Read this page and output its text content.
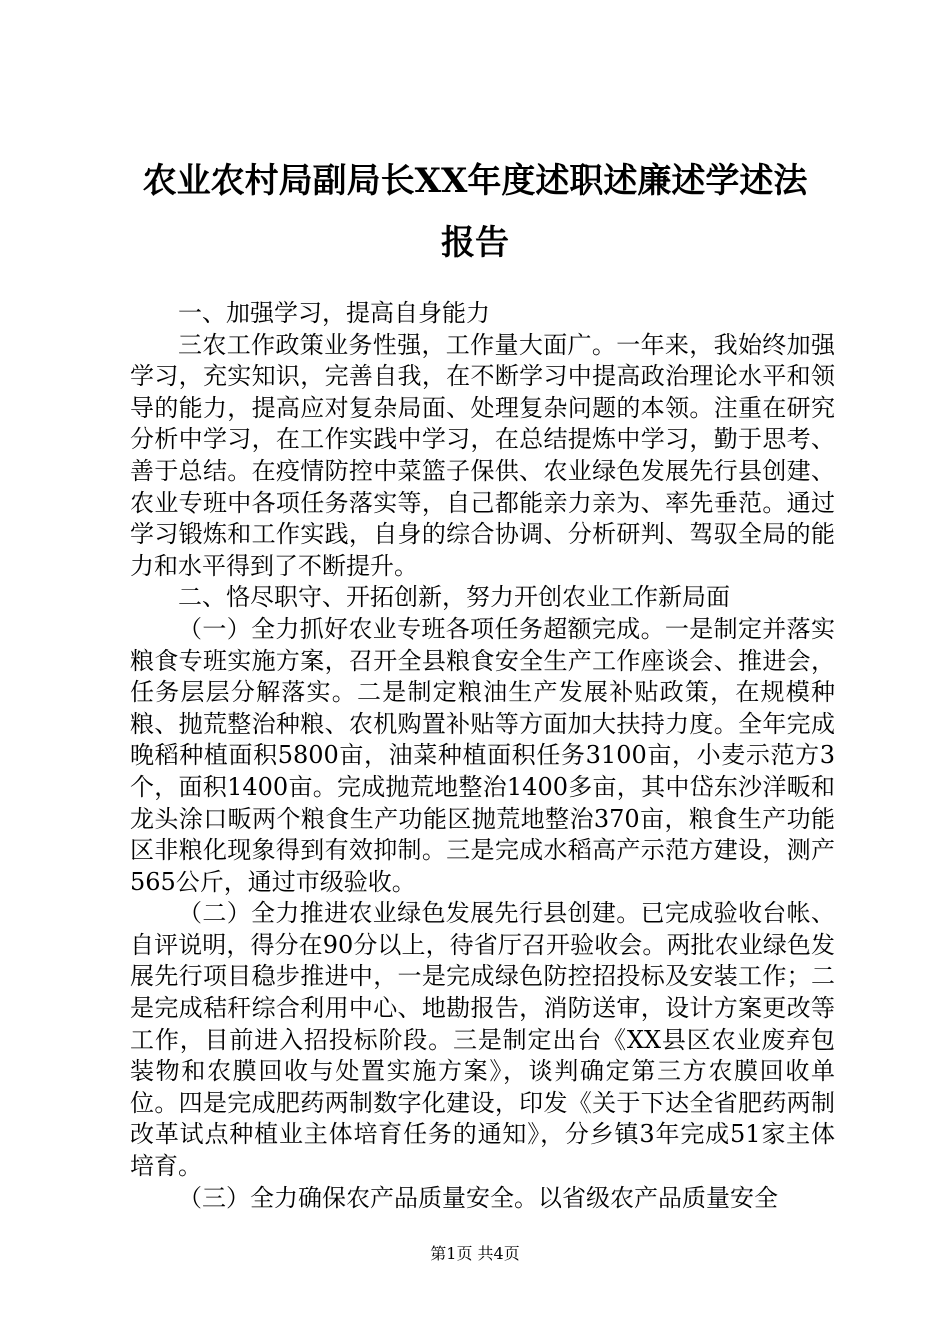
农业农村局副局长XX年度述职述廉述学述法
报告

一、加强学习，提高自身能力

三农工作政策业务性强，工作量大面广。一年来，我始终加强学习，充实知识，完善自我，在不断学习中提高政治理论水平和领导的能力，提高应对复杂局面、处理复杂问题的本领。注重在研究分析中学习，在工作实践中学习，在总结提炼中学习，勤于思考、善于总结。在疫情防控中菜篮子保供、农业绿色发展先行县创建、农业专班中各项任务落实等，自己都能亲力亲为、率先垂范。通过学习锻炼和工作实践，自身的综合协调、分析研判、驾驭全局的能力和水平得到了不断提升。

二、恪尽职守、开拓创新，努力开创农业工作新局面

（一）全力抓好农业专班各项任务超额完成。一是制定并落实粮食专班实施方案，召开全县粮食安全生产工作座谈会、推进会，任务层层分解落实。二是制定粮油生产发展补贴政策，在规模种粮、抛荒整治种粮、农机购置补贴等方面加大扶持力度。全年完成晚稻种植面积5800亩，油菜种植面积任务3100亩，小麦示范方3个，面积1400亩。完成抛荒地整治1400多亩，其中岱东沙洋畈和龙头涂口畈两个粮食生产功能区抛荒地整治370亩，粮食生产功能区非粮化现象得到有效抑制。三是完成水稻高产示范方建设，测产565公斤，通过市级验收。

（二）全力推进农业绿色发展先行县创建。已完成验收台帐、自评说明，得分在90分以上，待省厅召开验收会。两批农业绿色发展先行项目稳步推进中，一是完成绿色防控招投标及安装工作；二是完成秸秆综合利用中心、地勘报告，消防送审，设计方案更改等工作，目前进入招投标阶段。三是制定出台《XX县区农业废弃包装物和农膜回收与处置实施方案》，谈判确定第三方农膜回收单位。四是完成肥药两制数字化建设，印发《关于下达全省肥药两制改革试点种植业主体培育任务的通知》，分乡镇3年完成51家主体培育。

（三）全力确保农产品质量安全。以省级农产品质量安全

第1页 共4页
